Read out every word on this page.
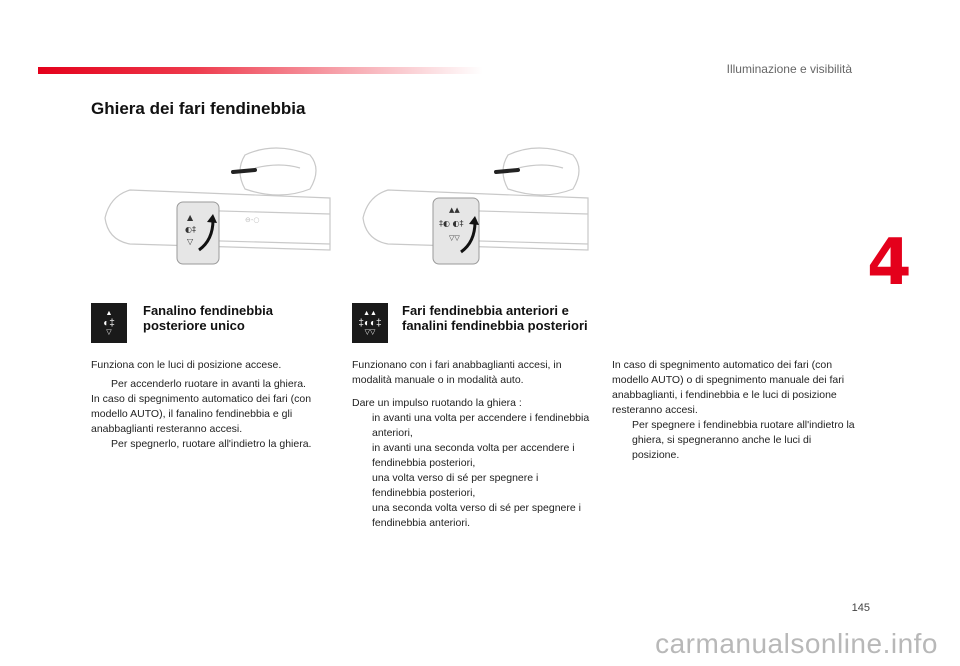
Illuminazione e visibilità
Ghiera dei fari fendinebbia
4
⊖-○
▲
◐‡
▽
▲▲
‡◐ ◐‡
▽▽
▲
◐‡
▽
Fanalino fendinebbia posteriore unico
Funziona con le luci di posizione accese.
Per accenderlo ruotare in avanti la ghiera.

In caso di spegnimento automatico dei fari (con modello AUTO), il fanalino fendinebbia e gli anabbaglianti resteranno accesi.

Per spegnerlo, ruotare all'indietro la ghiera.
▲▲
‡◐◐‡
▽▽
Fari fendinebbia anteriori e fanalini fendinebbia posteriori
Funzionano con i fari anabbaglianti accesi, in modalità manuale o in modalità auto.

Dare un impulso ruotando la ghiera :

in avanti una volta per accendere i fendinebbia anteriori,
in avanti una seconda volta per accendere i fendinebbia posteriori,
una volta verso di sé per spegnere i fendinebbia posteriori,
una seconda volta verso di sé per spegnere i fendinebbia anteriori.

In caso di spegnimento automatico dei fari (con modello AUTO) o di spegnimento manuale dei fari anabbaglianti, i fendinebbia e le luci di posizione resteranno accesi.

Per spegnere i fendinebbia ruotare all'indietro la ghiera, si spegneranno anche le luci di posizione.
145
carmanualsonline.info
